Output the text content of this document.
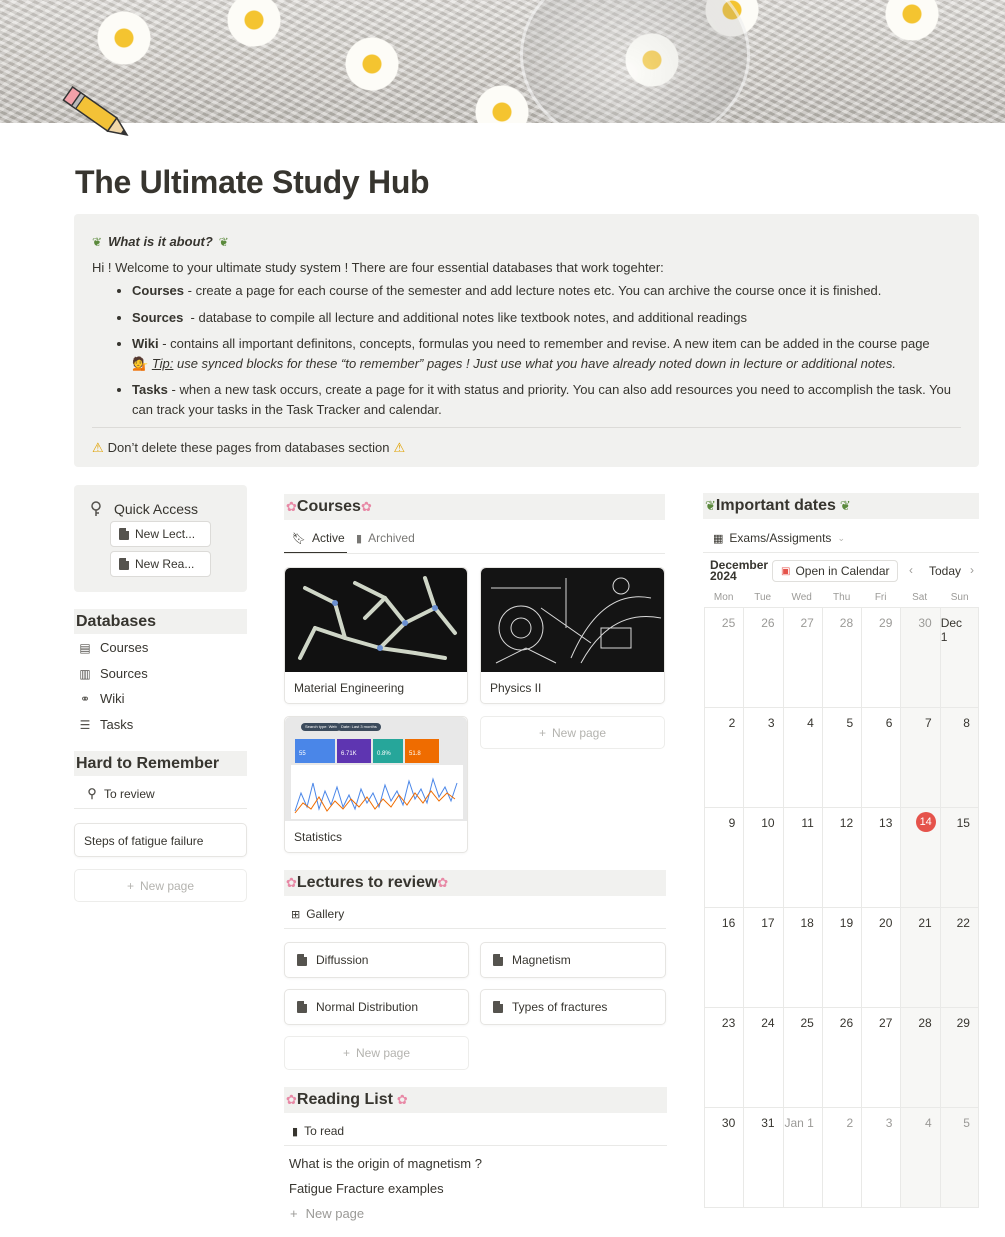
The Ultimate Study Hub
❦ What is it about? ❦
Hi ! Welcome to your ultimate study system ! There are four essential databases that work togehter:
• Courses - create a page for each course of the semester and add lecture notes etc. You can archive the course once it is finished.
• Sources  - database to compile all lecture and additional notes like textbook notes, and additional readings
• Wiki - contains all important definitons, concepts, formulas you need to remember and revise. A new item can be added in the course page
💁 Tip: use synced blocks for these “to remember” pages ! Just use what you have already noted down in lecture or additional notes.
• Tasks - when a new task occurs, create a page for it with status and priority. You can also add resources you need to accomplish the task. You can track your tasks in the Task Tracker and calendar.
⚠ Don’t delete these pages from databases section ⚠
Quick Access
New Lect...
New Rea...
Databases
▤ Courses
▥ Sources
⚭ Wiki
☰ Tasks
Hard to Remember
To review
Steps of fatigue failure
+ New page
✿ Courses ✿
🔖︎ Active ▮ Archived
Material Engineering	Physics II
Search type: Web	Date: Last 3 months
55	6.71K	0.8%	51.8
Statistics
+ New page
✿ Lectures to review ✿
⊞ Gallery
Diffussion	Magnetism
Normal Distribution	Types of fractures
+ New page
✿ Reading List ✿
▮ To read
What is the origin of magnetism ?
Fatigue Fracture examples
+ New page
❦ Important dates ❦
▦ Exams/Assigments ⌄
December
2024	▣ Open in Calendar ‹ Today ›
Mon	Tue	Wed	Thu	Fri	Sat	Sun
25 26 27 28 29 30 Dec 1
2	3	4	5	6	7	8
9 10 11 12 13	14	15
16 17 18 19 20 21 22
23 24 25 26 27 28 29
30 31 Jan 1	2	3	4	5
